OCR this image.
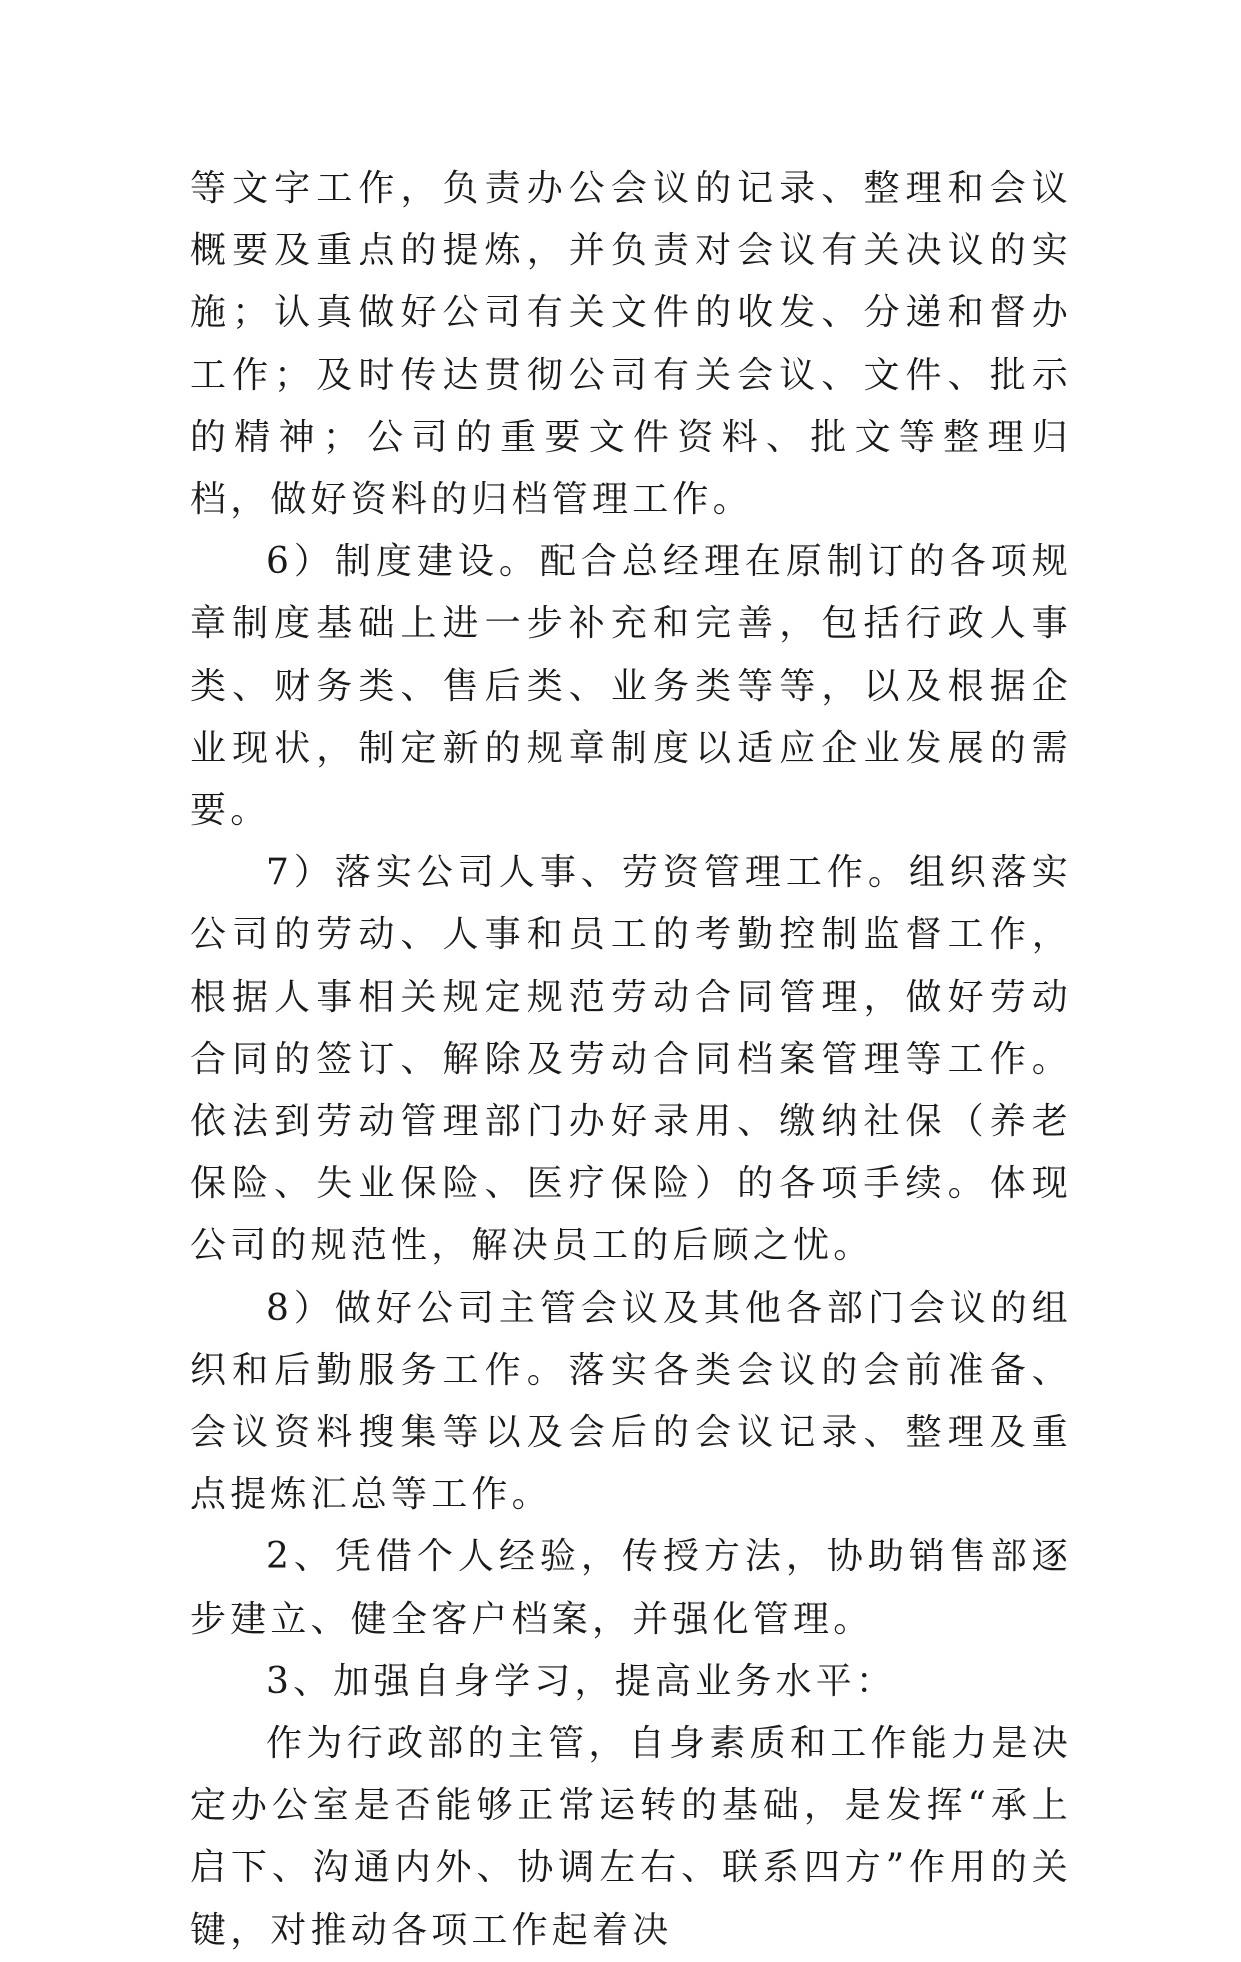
等文字工作，负责办公会议的记录、整理和会议概要及重点的提炼，并负责对会议有关决议的实施；认真做好公司有关文件的收发、分递和督办工作；及时传达贯彻公司有关会议、文件、批示的精神；公司的重要文件资料、批文等整理归档，做好资料的归档管理工作。

6）制度建设。配合总经理在原制订的各项规章制度基础上进一步补充和完善，包括行政人事类、财务类、售后类、业务类等等，以及根据企业现状，制定新的规章制度以适应企业发展的需要。

7）落实公司人事、劳资管理工作。组织落实公司的劳动、人事和员工的考勤控制监督工作，根据人事相关规定规范劳动合同管理，做好劳动合同的签订、解除及劳动合同档案管理等工作。依法到劳动管理部门办好录用、缴纳社保（养老保险、失业保险、医疗保险）的各项手续。体现公司的规范性，解决员工的后顾之忧。

8）做好公司主管会议及其他各部门会议的组织和后勤服务工作。落实各类会议的会前准备、会议资料搜集等以及会后的会议记录、整理及重点提炼汇总等工作。

2、凭借个人经验，传授方法，协助销售部逐步建立、健全客户档案，并强化管理。

3、加强自身学习，提高业务水平：

作为行政部的主管，自身素质和工作能力是决定办公室是否能够正常运转的基础，是发挥“承上启下、沟通内外、协调左右、联系四方”作用的关键，对推动各项工作起着决
